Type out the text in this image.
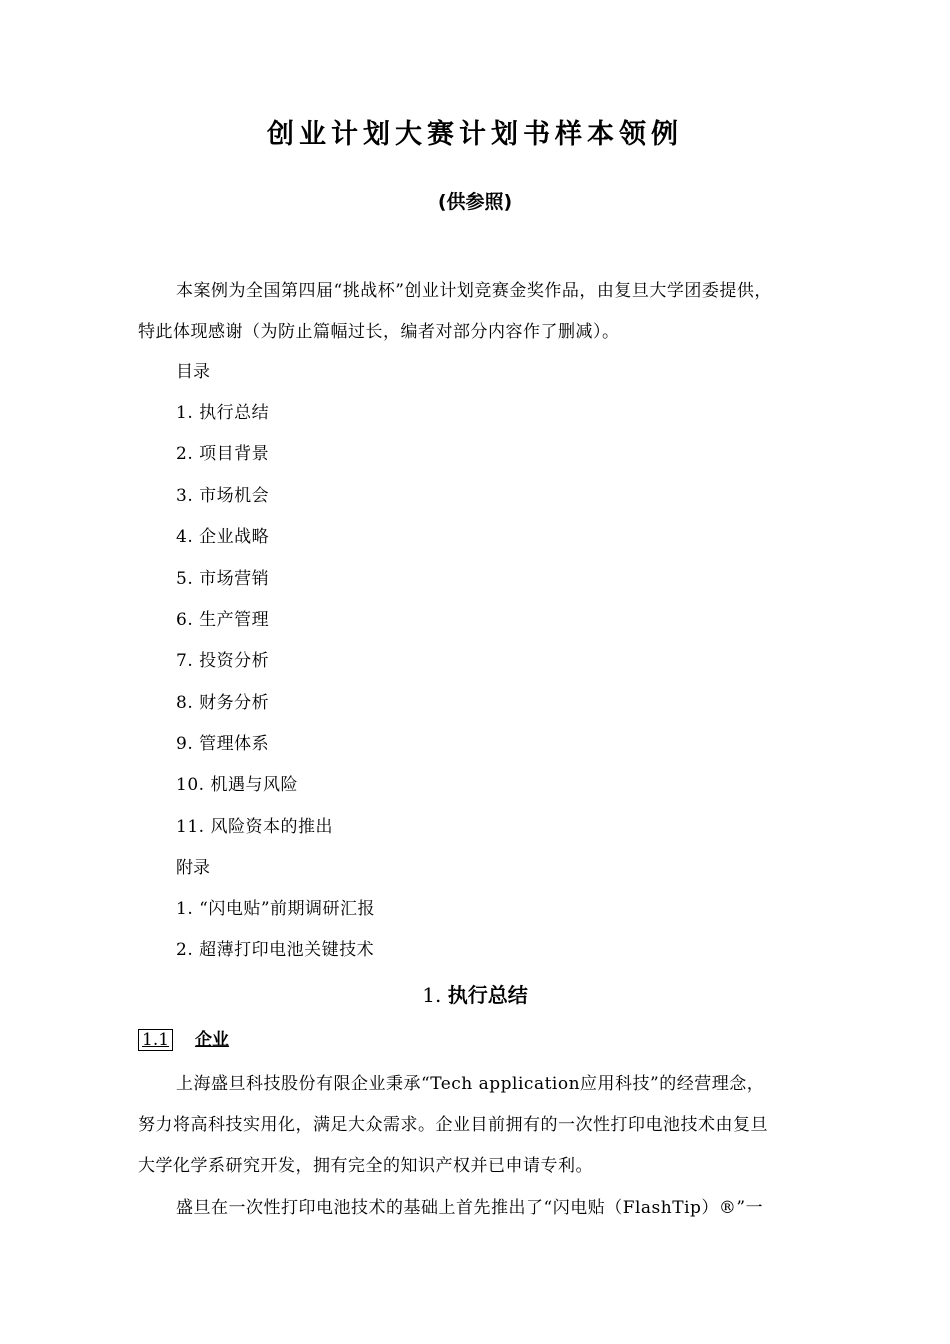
创业计划大赛计划书样本领例
(供参照)
本案例为全国第四届“挑战杯”创业计划竞赛金奖作品，由复旦大学团委提供，
特此体现感谢（为防止篇幅过长，编者对部分内容作了删减）。
目录
1. 执行总结
2. 项目背景
3. 市场机会
4. 企业战略
5. 市场营销
6. 生产管理
7. 投资分析
8. 财务分析
9. 管理体系
10. 机遇与风险
11. 风险资本的推出
附录
1. “闪电贴”前期调研汇报
2. 超薄打印电池关键技术
1. 执行总结
1.1 企业
上海盛旦科技股份有限企业秉承“Tech application应用科技”的经营理念，
努力将高科技实用化，满足大众需求。企业目前拥有的一次性打印电池技术由复旦
大学化学系研究开发，拥有完全的知识产权并已申请专利。
盛旦在一次性打印电池技术的基础上首先推出了“闪电贴（FlashTip）®”一
